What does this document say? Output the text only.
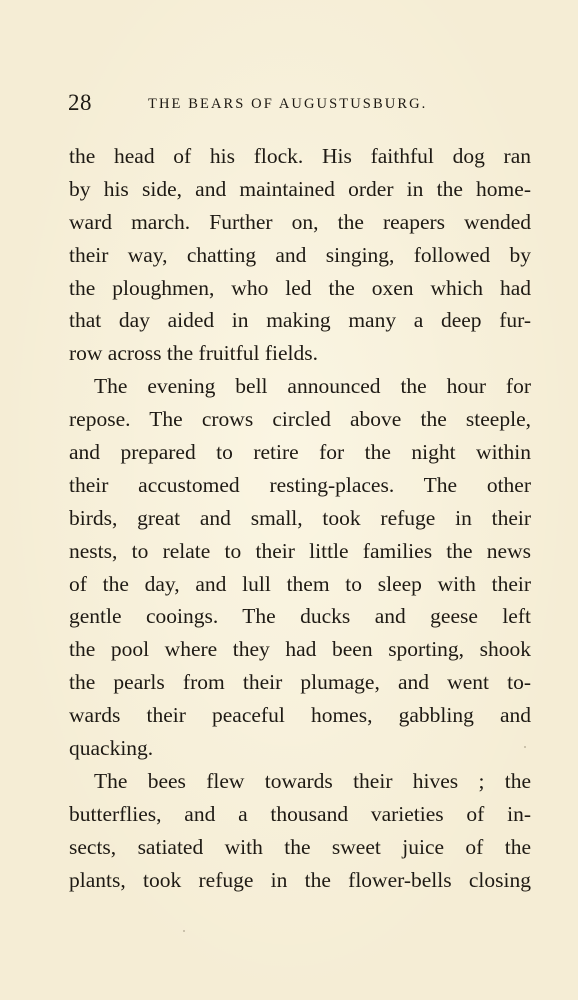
28	THE BEARS OF AUGUSTUSBURG.
the head of his flock. His faithful dog ran
by his side, and maintained order in the home-
ward march. Further on, the reapers wended
their way, chatting and singing, followed by
the ploughmen, who led the oxen which had
that day aided in making many a deep fur-
row across the fruitful fields.
The evening bell announced the hour for
repose. The crows circled above the steeple,
and prepared to retire for the night within
their accustomed resting-places. The other
birds, great and small, took refuge in their
nests, to relate to their little families the news
of the day, and lull them to sleep with their
gentle cooings. The ducks and geese left
the pool where they had been sporting, shook
the pearls from their plumage, and went to-
wards their peaceful homes, gabbling and
quacking.
The bees flew towards their hives ; the
butterflies, and a thousand varieties of in-
sects, satiated with the sweet juice of the
plants, took refuge in the flower-bells closing
